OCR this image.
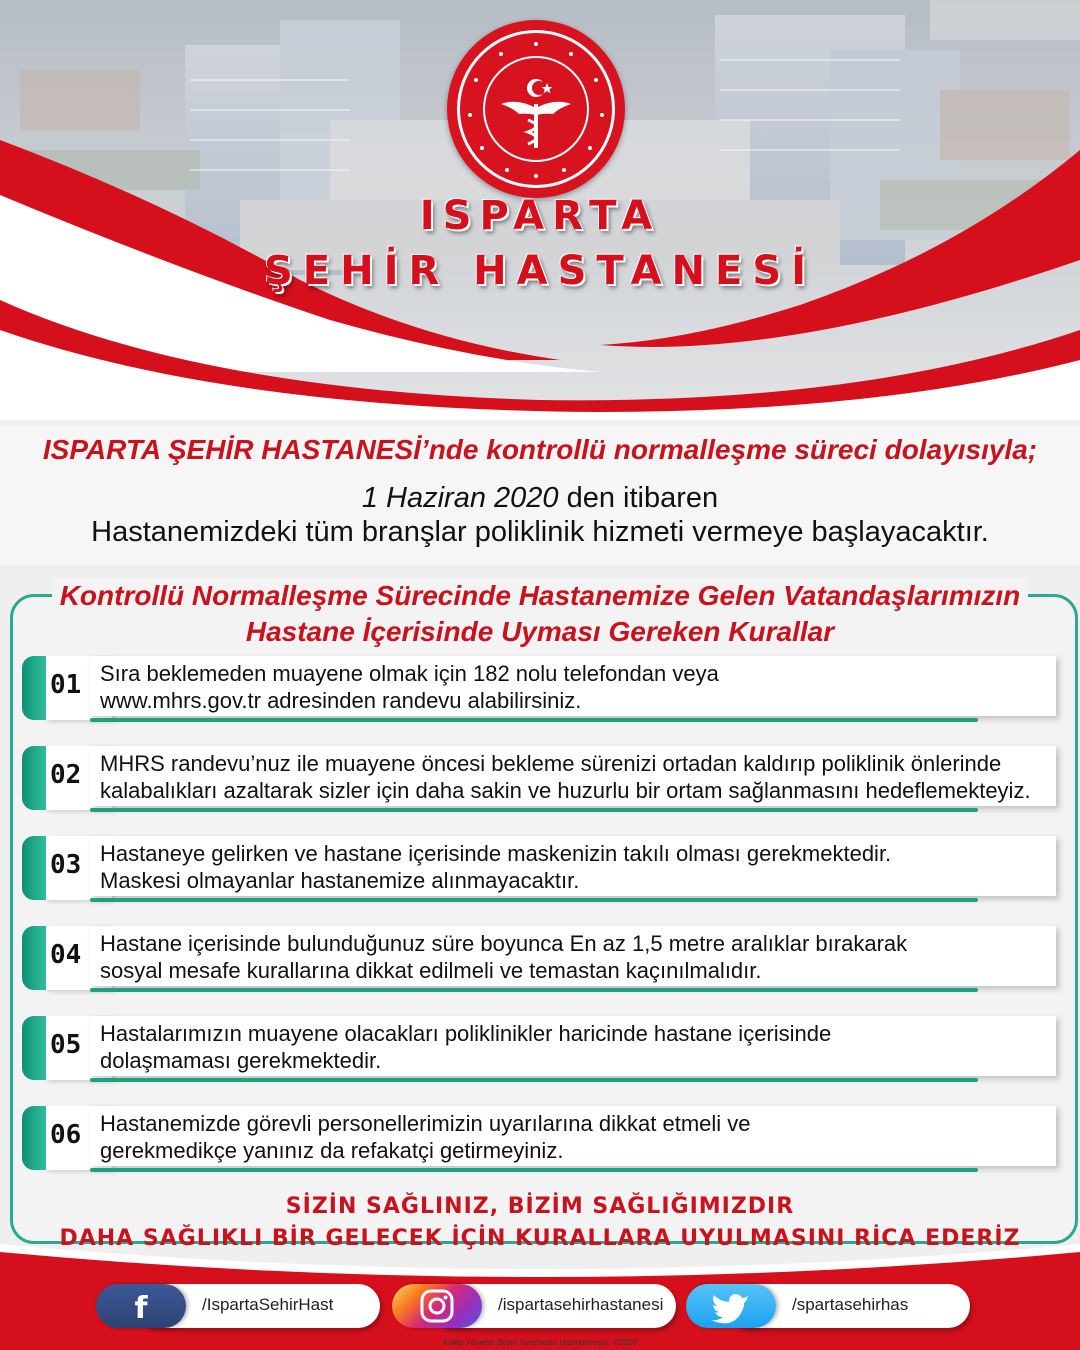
ISPARTA
ŞEHİR HASTANESİ
ISPARTA ŞEHİR HASTANESİ’nde kontrollü normalleşme süreci dolayısıyla;
1 Haziran 2020 den itibaren
Hastanemizdeki tüm branşlar poliklinik hizmeti vermeye başlayacaktır.
Kontrollü Normalleşme Sürecinde Hastanemize Gelen Vatandaşlarımızın
Hastane İçerisinde Uyması Gereken Kurallar
01 Sıra beklemeden muayene olmak için 182 nolu telefondan veya
www.mhrs.gov.tr adresinden randevu alabilirsiniz.
02 MHRS randevu’nuz ile muayene öncesi bekleme sürenizi ortadan kaldırıp poliklinik önlerinde
kalabalıkları azaltarak sizler için daha sakin ve huzurlu bir ortam sağlanmasını hedeflemekteyiz.
03 Hastaneye gelirken ve hastane içerisinde maskenizin takılı olması gerekmektedir.
Maskesi olmayanlar hastanemize alınmayacaktır.
04 Hastane içerisinde bulunduğunuz süre boyunca En az 1,5 metre aralıklar bırakarak
sosyal mesafe kurallarına dikkat edilmeli ve temastan kaçınılmalıdır.
05 Hastalarımızın muayene olacakları poliklinikler haricinde hastane içerisinde
dolaşmaması gerekmektedir.
06 Hastanemizde görevli personellerimizin uyarılarına dikkat etmeli ve
gerekmedikçe yanınız da refakatçi getirmeyiniz.
SİZİN SAĞLINIZ, BİZİM SAĞLIĞIMIZDIR
DAHA SAĞLIKLI BİR GELECEK İÇİN KURALLARA UYULMASINI RİCA EDERİZ
f	/IspartaSehirHast	/ispartasehirhastanesi	/spartasehirhas
Kalite Yönetim Birimi Tarafından Hazırlanmıştır. ©2020
